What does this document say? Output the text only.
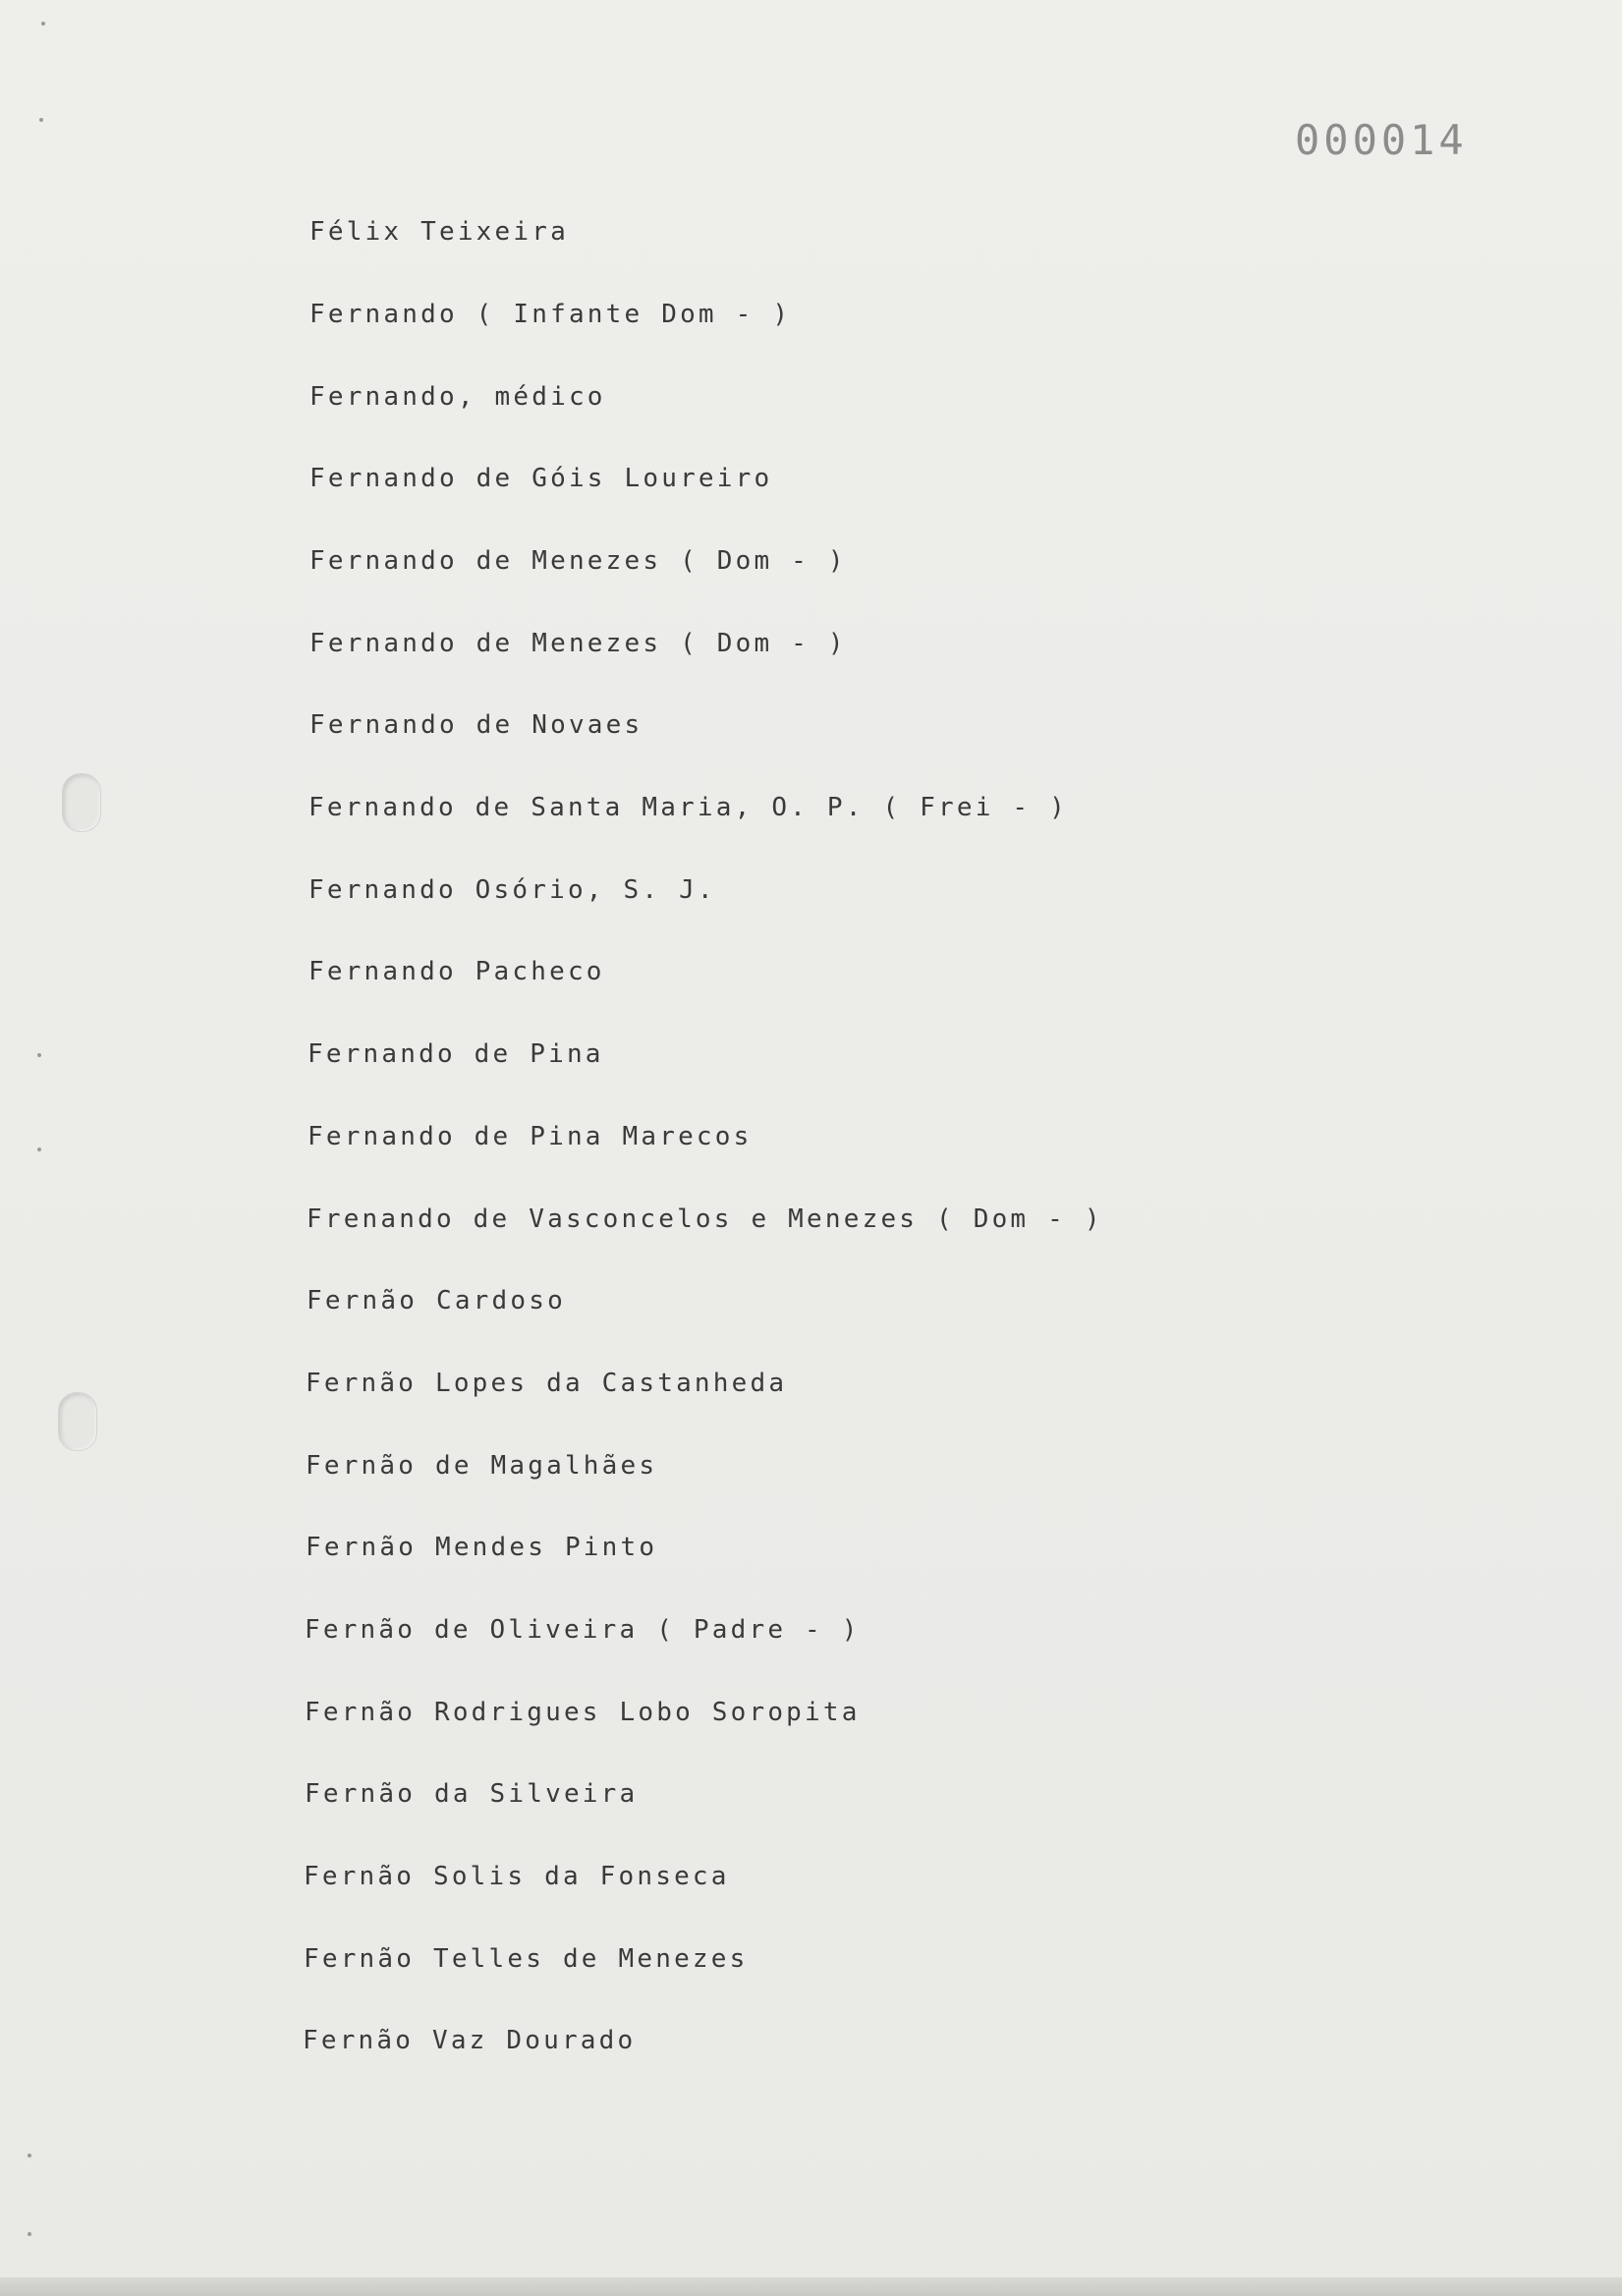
000014
Félix Teixeira
Fernando ( Infante Dom - )
Fernando, médico
Fernando de Góis Loureiro
Fernando de Menezes ( Dom - )
Fernando de Menezes ( Dom - )
Fernando de Novaes
Fernando de Santa Maria, O. P. ( Frei - )
Fernando Osório, S. J.
Fernando Pacheco
Fernando de Pina
Fernando de Pina Marecos
Frenando de Vasconcelos e Menezes ( Dom - )
Fernão Cardoso
Fernão Lopes da Castanheda
Fernão de Magalhães
Fernão Mendes Pinto
Fernão de Oliveira ( Padre - )
Fernão Rodrigues Lobo Soropita
Fernão da Silveira
Fernão Solis da Fonseca
Fernão Telles de Menezes
Fernão Vaz Dourado
